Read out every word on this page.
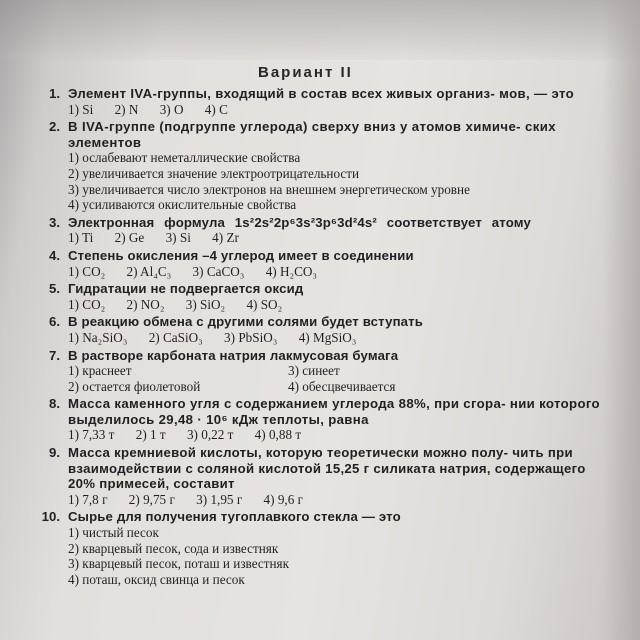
Вариант II
1. Элемент IVA-группы, входящий в состав всех живых организ- мов, — это
1) Si 2) N 3) O 4) C
2. В IVA-группе (подгруппе углерода) сверху вниз у атомов химиче- ских элементов
1) ослабевают неметаллические свойства
2) увеличивается значение электроотрицательности
3) увеличивается число электронов на внешнем энергетическом уровне
4) усиливаются окислительные свойства
3. Электронная формула 1s²2s²2p⁶3s²3p⁶3d²4s² соответствует атому
1) Ti 2) Ge 3) Si 4) Zr
4. Степень окисления –4 углерод имеет в соединении
1) CO₂ 2) Al₄C₃ 3) CaCO₃ 4) H₂CO₃
5. Гидратации не подвергается оксид
1) CO₂ 2) NO₂ 3) SiO₂ 4) SO₂
6. В реакцию обмена с другими солями будет вступать
1) Na₂SiO₃ 2) CaSiO₃ 3) PbSiO₃ 4) MgSiO₃
7. В растворе карбоната натрия лакмусовая бумага
1) краснеет	3) синеет
2) остается фиолетовой	4) обесцвечивается
8. Масса каменного угля с содержанием углерода 88%, при сгора- нии которого выделилось 29,48 · 10⁶ кДж теплоты, равна
1) 7,33 т 2) 1 т 3) 0,22 т 4) 0,88 т
9. Масса кремниевой кислоты, которую теоретически можно полу- чить при взаимодействии с соляной кислотой 15,25 г силиката натрия, содержащего 20% примесей, составит
1) 7,8 г 2) 9,75 г 3) 1,95 г 4) 9,6 г
10. Сырье для получения тугоплавкого стекла — это
1) чистый песок
2) кварцевый песок, сода и известняк
3) кварцевый песок, поташ и известняк
4) поташ, оксид свинца и песок
